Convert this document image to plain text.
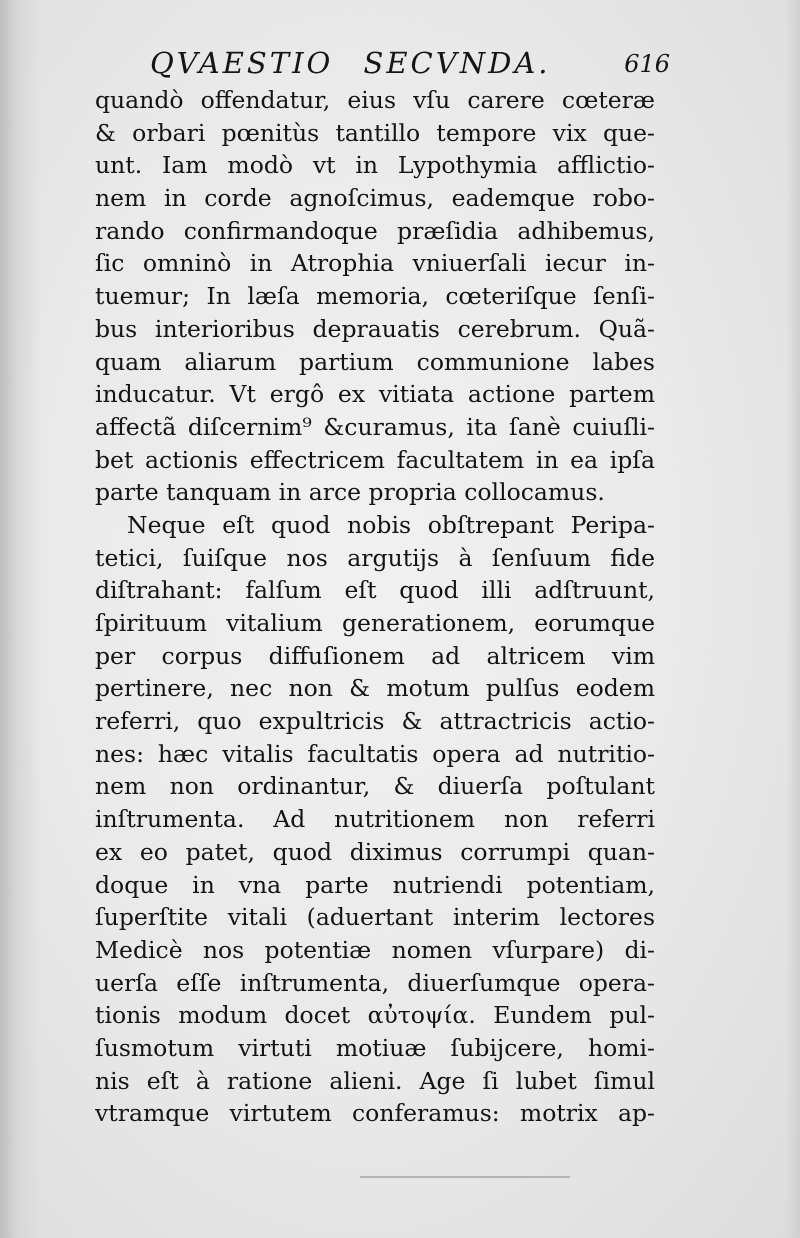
QVAESTIO SECVNDA.	616
quandò offendatur, eius vſu carere cœteræ
& orbari pœnitùs tantillo tempore vix que-
unt. Iam modò vt in Lypothymia afflictio-
nem in corde agnoſcimus, eademque robo-
rando confirmandoque præſidia adhibemus,
ſic omninò in Atrophia vniuerſali iecur in-
tuemur; In læſa memoria, cœteriſque ſenſi-
bus interioribus deprauatis cerebrum. Quã-
quam aliarum partium communione labes
inducatur. Vt ergô ex vitiata actione partem
affectã diſcernim⁹ &curamus, ita ſanè cuiuſli-
bet actionis effectricem facultatem in ea ipſa
parte tanquam in arce propria collocamus.
Neque eſt quod nobis obſtrepant Peripa-
tetici, ſuiſque nos argutijs à ſenſuum fide
diſtrahant: falſum eſt quod illi adſtruunt,
ſpirituum vitalium generationem, eorumque
per corpus diffuſionem ad altricem vim
pertinere, nec non & motum pulſus eodem
referri, quo expultricis & attractricis actio-
nes: hæc vitalis facultatis opera ad nutritio-
nem non ordinantur, & diuerſa poſtulant
inſtrumenta. Ad nutritionem non referri
ex eo patet, quod diximus corrumpi quan-
doque in vna parte nutriendi potentiam,
ſuperſtite vitali (aduertant interim lectores
Medicè nos potentiæ nomen vſurpare) di-
uerſa eſſe inſtrumenta, diuerſumque opera-
tionis modum docet αὐτοψία. Eundem pul-
ſusmotum virtuti motiuæ ſubijcere, homi-
nis eſt à ratione alieni. Age ſi lubet ſimul
vtramque virtutem conferamus: motrix ap-
